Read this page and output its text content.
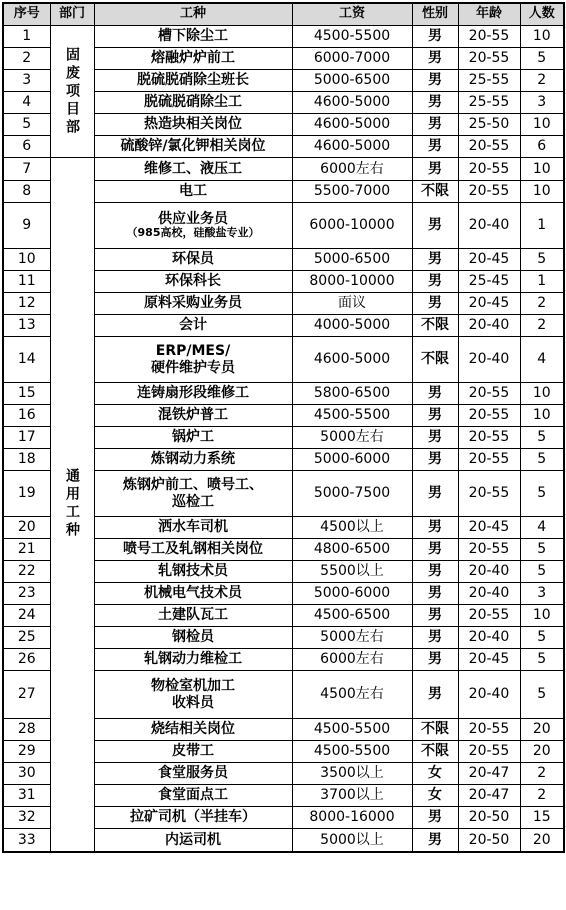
序号	部门	工种	工资	性别	年龄	人数
1	固废项目部	槽下除尘工	4500-5500	男	20-55	10
2		熔融炉炉前工	6000-7000	男	20-55	5
3		脱硫脱硝除尘班长	5000-6500	男	25-55	2
4		脱硫脱硝除尘工	4600-5000	男	25-55	3
5		热造块相关岗位	4600-5000	男	25-50	10
6		硫酸锌/氯化钾相关岗位	4600-5000	男	20-55	6
7	通用工种	维修工、液压工	6000左右	男	20-55	10
8		电工	5500-7000	不限	20-55	10
9		供应业务员
（985高校，硅酸盐专业）	6000-10000	男	20-40	1
10		环保员	5000-6500	男	20-45	5
11		环保科长	8000-10000	男	25-45	1
12		原料采购业务员	面议	男	20-45	2
13		会计	4000-5000	不限	20-40	2
14		ERP/MES/
硬件维护专员	4600-5000	不限	20-40	4
15		连铸扇形段维修工	5800-6500	男	20-55	10
16		混铁炉普工	4500-5500	男	20-55	10
17		锅炉工	5000左右	男	20-55	5
18		炼钢动力系统	5000-6000	男	20-55	5
19		炼钢炉前工、喷号工、
巡检工	5000-7500	男	20-55	5
20		洒水车司机	4500以上	男	20-45	4
21		喷号工及轧钢相关岗位	4800-6500	男	20-55	5
22		轧钢技术员	5500以上	男	20-40	5
23		机械电气技术员	5000-6000	男	20-40	3
24		土建队瓦工	4500-6500	男	20-55	10
25		钢检员	5000左右	男	20-40	5
26		轧钢动力维检工	6000左右	男	20-45	5
27		物检室机加工
收料员	4500左右	男	20-40	5
28		烧结相关岗位	4500-5500	不限	20-55	20
29		皮带工	4500-5500	不限	20-55	20
30		食堂服务员	3500以上	女	20-47	2
31		食堂面点工	3700以上	女	20-47	2
32		拉矿司机（半挂车）	8000-16000	男	20-50	15
33		内运司机	5000以上	男	20-50	20
